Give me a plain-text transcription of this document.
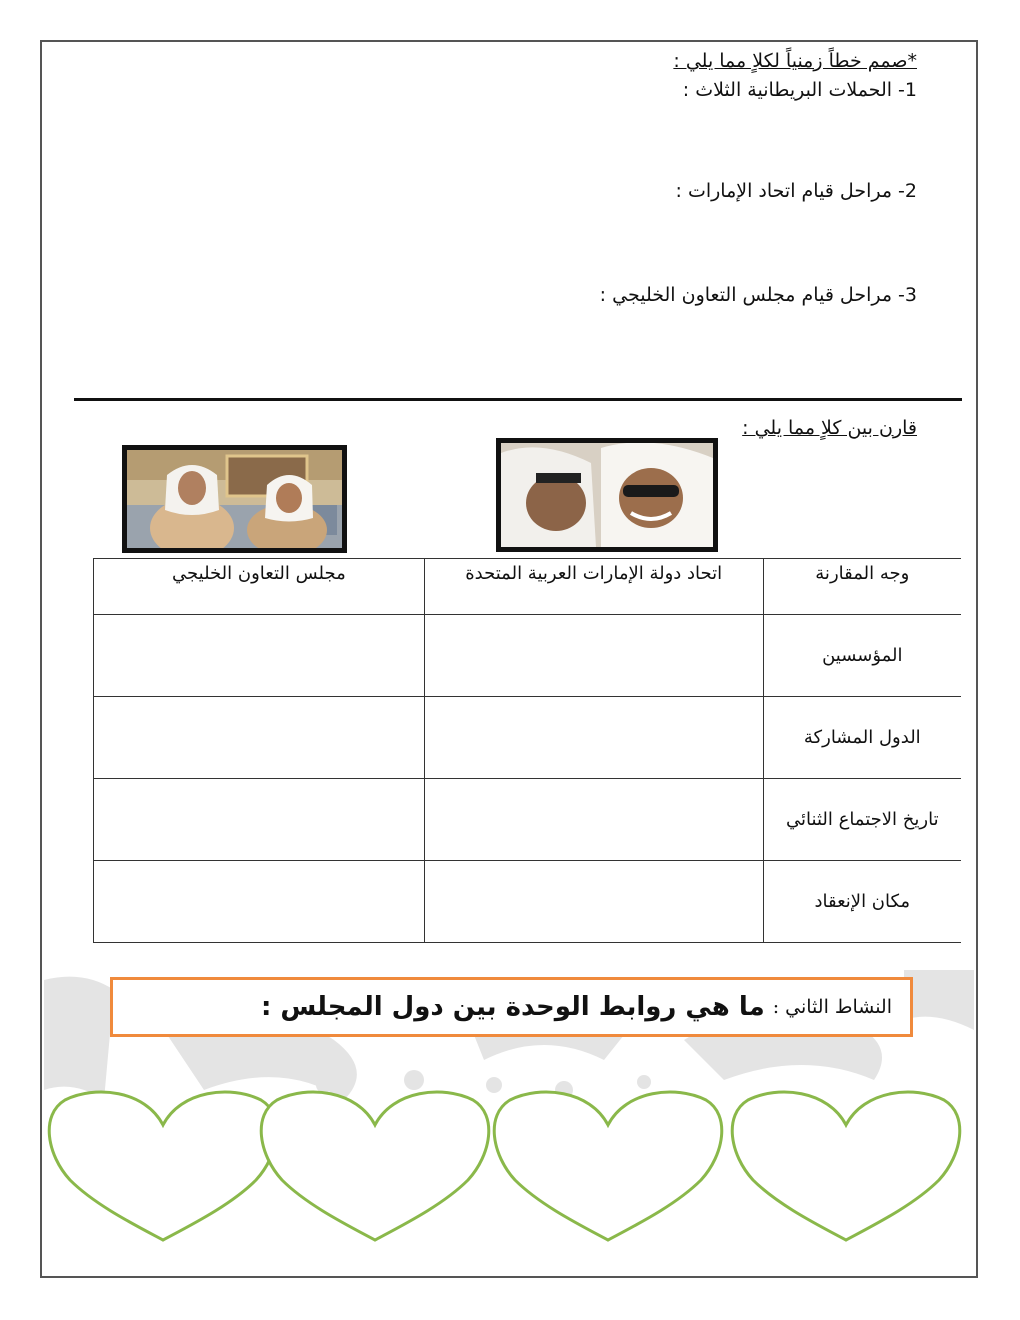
*صمم خطاً زمنياً لكلاٍ مما يلي :
1- الحملات البريطانية الثلاث :
2- مراحل قيام اتحاد الإمارات :
3- مراحل قيام مجلس التعاون الخليجي :
قارن بين كلاٍ مما يلي :
وجه المقارنة	اتحاد دولة الإمارات العربية المتحدة	مجلس التعاون الخليجي
المؤسسين		
الدول المشاركة		
تاريخ الاجتماع الثنائي		
مكان الإنعقاد		
النشاط الثاني :
ما هي روابط الوحدة بين دول المجلس :
